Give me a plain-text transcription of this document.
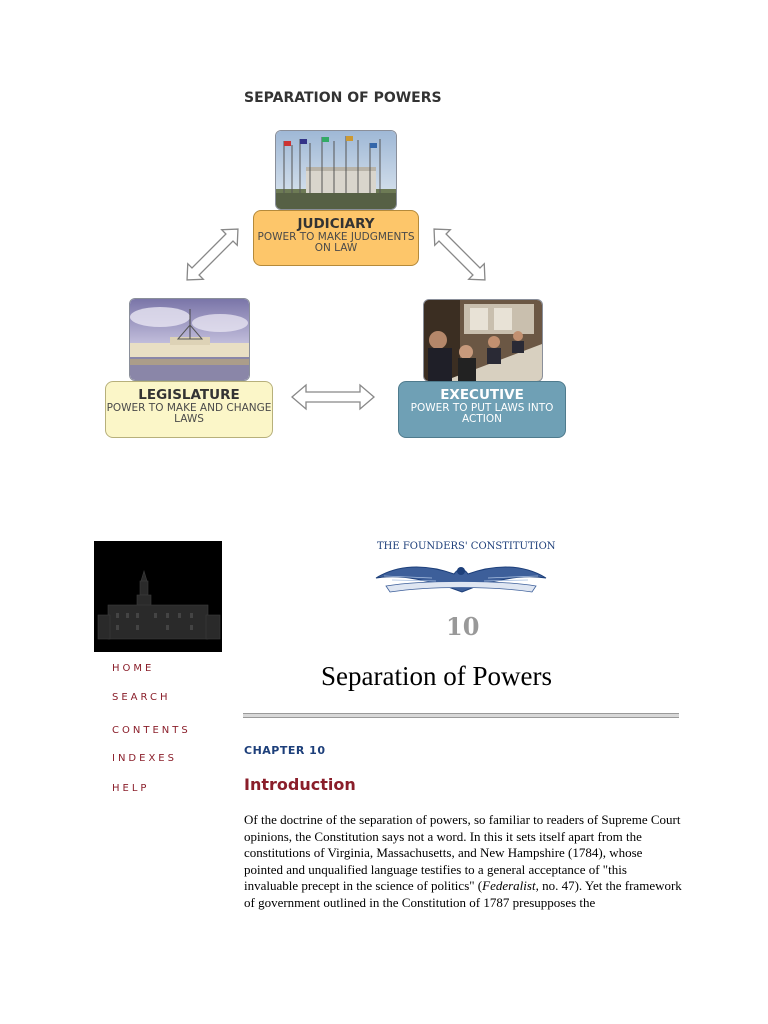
SEPARATION OF POWERS
JUDICIARY
POWER TO MAKE JUDGMENTS ON LAW
LEGISLATURE
POWER TO MAKE AND CHANGE LAWS
EXECUTIVE
POWER TO PUT LAWS INTO ACTION
HOME
SEARCH
CONTENTS
INDEXES
HELP
THE FOUNDERS' CONSTITUTION
10
Separation of Powers
CHAPTER 10
Introduction
Of the doctrine of the separation of powers, so familiar to readers of Supreme Court opinions, the Constitution says not a word. In this it sets itself apart from the constitutions of Virginia, Massachusetts, and New Hampshire (1784), whose pointed and unqualified language testifies to a general acceptance of "this invaluable precept in the science of politics" (Federalist, no. 47). Yet the framework of government outlined in the Constitution of 1787 presupposes the
